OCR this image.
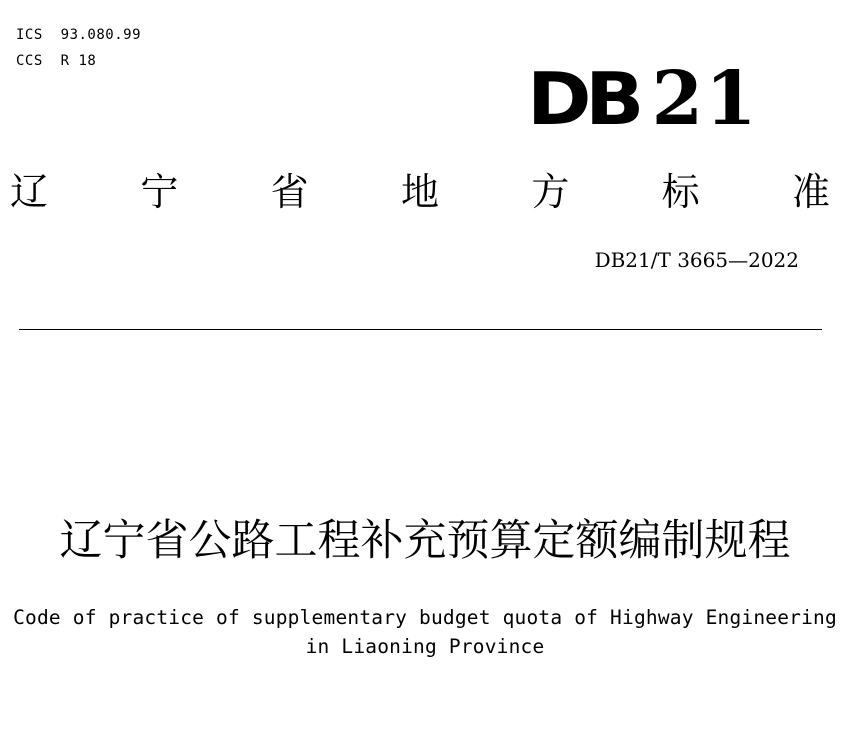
ICS  93.080.99
CCS  R 18	DB 21
辽 宁 省 地 方 标 准
DB21/T 3665—2022
辽宁省公路工程补充预算定额编制规程
Code of practice of supplementary budget quota of Highway Engineering
in Liaoning Province
